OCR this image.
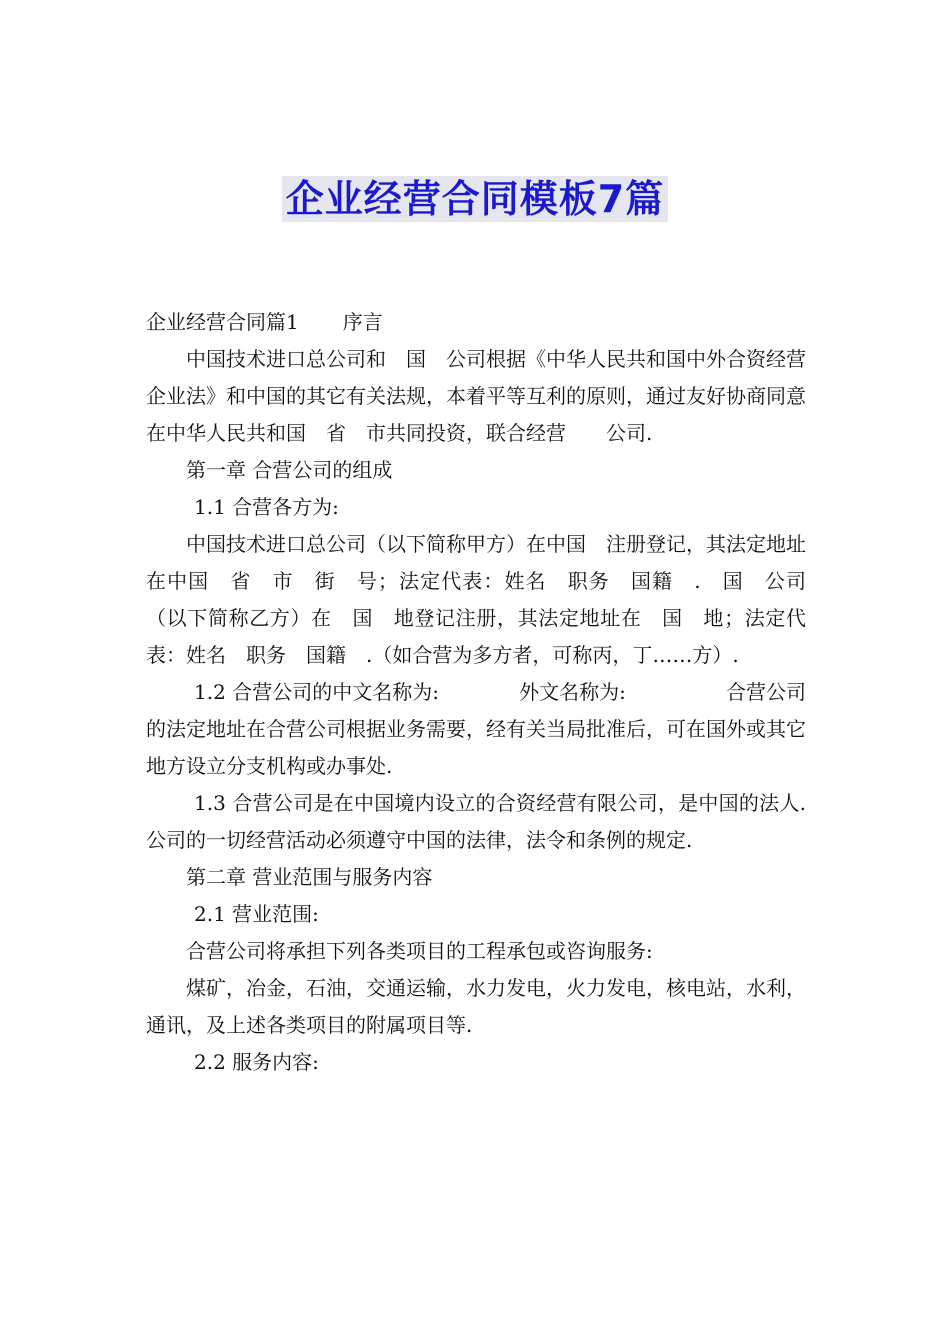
企业经营合同模板7篇
企业经营合同篇1 序言

中国技术进口总公司和　国　公司根据《中华人民共和国中外合资经营企业法》和中国的其它有关法规，本着平等互利的原则，通过友好协商同意在中华人民共和国　省　市共同投资，联合经营　　公司.

第一章 合营公司的组成

1.1 合营各方为:

中国技术进口总公司（以下简称甲方）在中国　注册登记，其法定地址在中国　省　市　街　号；法定代表：姓名　职务　国籍　.　国　公司（以下简称乙方）在　国　地登记注册，其法定地址在　国　地；法定代表：姓名　职务　国籍　.（如合营为多方者，可称丙，丁……方）.

1.2 合营公司的中文名称为:　　　　外文名称为:　　　　　合营公司的法定地址在合营公司根据业务需要，经有关当局批准后，可在国外或其它地方设立分支机构或办事处.

1.3 合营公司是在中国境内设立的合资经营有限公司，是中国的法人.公司的一切经营活动必须遵守中国的法律，法令和条例的规定.

第二章 营业范围与服务内容

2.1 营业范围:

合营公司将承担下列各类项目的工程承包或咨询服务:

煤矿，冶金，石油，交通运输，水力发电，火力发电，核电站，水利，通讯，及上述各类项目的附属项目等.

2.2 服务内容:
